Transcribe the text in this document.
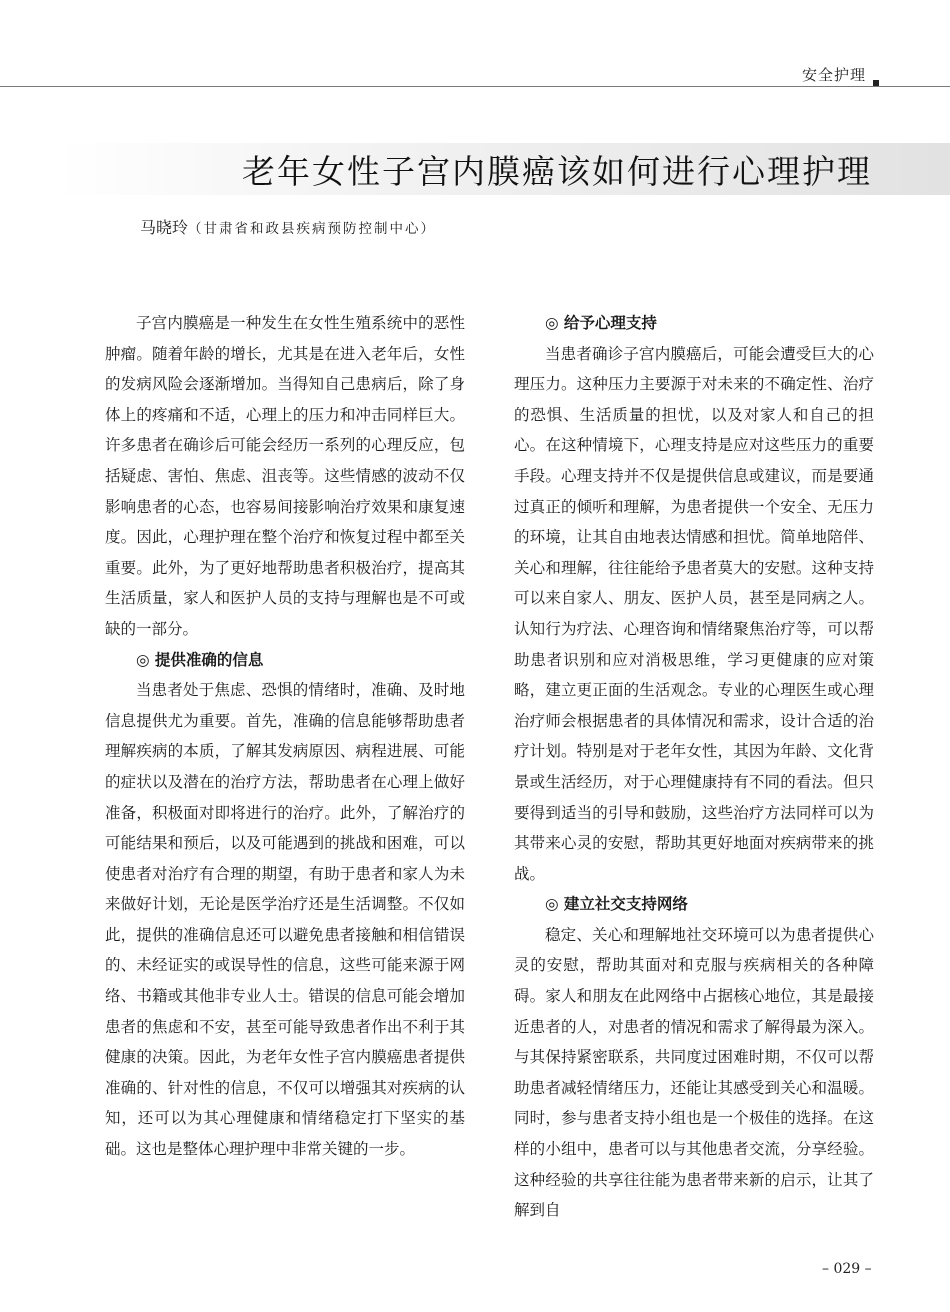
安全护理
老年女性子宫内膜癌该如何进行心理护理
马晓玲（甘肃省和政县疾病预防控制中心）

子宫内膜癌是一种发生在女性生殖系统中的恶性肿瘤。随着年龄的增长，尤其是在进入老年后，女性的发病风险会逐渐增加。当得知自己患病后，除了身体上的疼痛和不适，心理上的压力和冲击同样巨大。许多患者在确诊后可能会经历一系列的心理反应，包括疑虑、害怕、焦虑、沮丧等。这些情感的波动不仅影响患者的心态，也容易间接影响治疗效果和康复速度。因此，心理护理在整个治疗和恢复过程中都至关重要。此外，为了更好地帮助患者积极治疗，提高其生活质量，家人和医护人员的支持与理解也是不可或缺的一部分。

◎ 提供准确的信息

当患者处于焦虑、恐惧的情绪时，准确、及时地信息提供尤为重要。首先，准确的信息能够帮助患者理解疾病的本质，了解其发病原因、病程进展、可能的症状以及潜在的治疗方法，帮助患者在心理上做好准备，积极面对即将进行的治疗。此外，了解治疗的可能结果和预后，以及可能遇到的挑战和困难，可以使患者对治疗有合理的期望，有助于患者和家人为未来做好计划，无论是医学治疗还是生活调整。不仅如此，提供的准确信息还可以避免患者接触和相信错误的、未经证实的或误导性的信息，这些可能来源于网络、书籍或其他非专业人士。错误的信息可能会增加患者的焦虑和不安，甚至可能导致患者作出不利于其健康的决策。因此，为老年女性子宫内膜癌患者提供准确的、针对性的信息，不仅可以增强其对疾病的认知，还可以为其心理健康和情绪稳定打下坚实的基础。这也是整体心理护理中非常关键的一步。

◎ 给予心理支持

当患者确诊子宫内膜癌后，可能会遭受巨大的心理压力。这种压力主要源于对未来的不确定性、治疗的恐惧、生活质量的担忧，以及对家人和自己的担心。在这种情境下，心理支持是应对这些压力的重要手段。心理支持并不仅是提供信息或建议，而是要通过真正的倾听和理解，为患者提供一个安全、无压力的环境，让其自由地表达情感和担忧。简单地陪伴、关心和理解，往往能给予患者莫大的安慰。这种支持可以来自家人、朋友、医护人员，甚至是同病之人。认知行为疗法、心理咨询和情绪聚焦治疗等，可以帮助患者识别和应对消极思维，学习更健康的应对策略，建立更正面的生活观念。专业的心理医生或心理治疗师会根据患者的具体情况和需求，设计合适的治疗计划。特别是对于老年女性，其因为年龄、文化背景或生活经历，对于心理健康持有不同的看法。但只要得到适当的引导和鼓励，这些治疗方法同样可以为其带来心灵的安慰，帮助其更好地面对疾病带来的挑战。

◎ 建立社交支持网络

稳定、关心和理解地社交环境可以为患者提供心灵的安慰，帮助其面对和克服与疾病相关的各种障碍。家人和朋友在此网络中占据核心地位，其是最接近患者的人，对患者的情况和需求了解得最为深入。与其保持紧密联系，共同度过困难时期，不仅可以帮助患者减轻情绪压力，还能让其感受到关心和温暖。同时，参与患者支持小组也是一个极佳的选择。在这样的小组中，患者可以与其他患者交流，分享经验。这种经验的共享往往能为患者带来新的启示，让其了解到自

– 029 –
